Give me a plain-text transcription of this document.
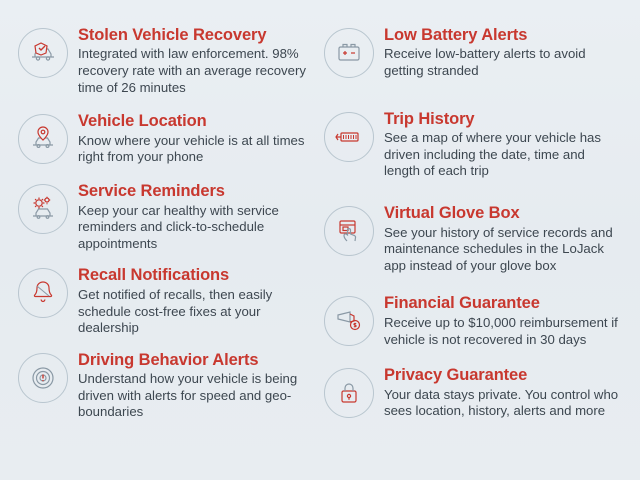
Stolen Vehicle Recovery

Integrated with law enforcement. 98% recovery rate with an average recovery time of 26 minutes

Vehicle Location

Know where your vehicle is at all times right from your phone

Service Reminders

Keep your car healthy with service reminders and click-to-schedule appointments

Recall Notifications

Get notified of recalls, then easily schedule cost-free fixes at your dealership

Driving Behavior Alerts

Understand how your vehicle is being driven with alerts for speed and geo-boundaries

Low Battery Alerts

Receive low-battery alerts to avoid getting stranded

Trip History

See a map of where your vehicle has driven including the date, time and length of each trip

Virtual Glove Box

See your history of service records and maintenance schedules in the LoJack app instead of your glove box

Financial Guarantee

Receive up to $10,000 reimbursement if vehicle is not recovered in 30 days

Privacy Guarantee

Your data stays private. You control who sees location, history, alerts and more
